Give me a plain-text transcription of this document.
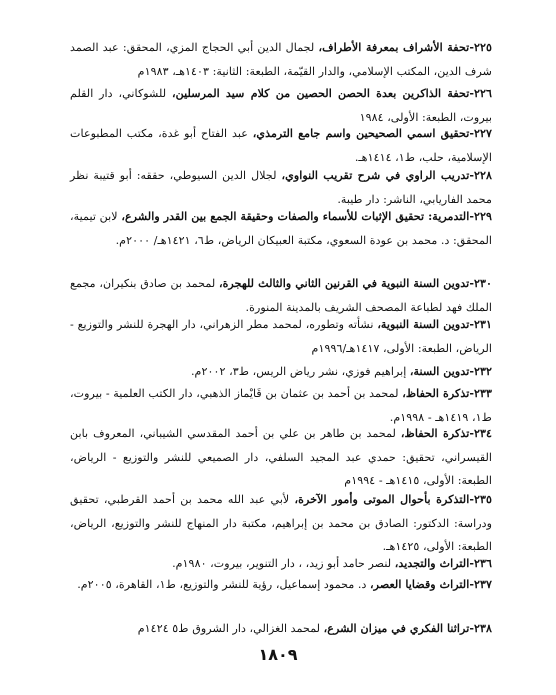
٢٢٥-تحفة الأشراف بمعرفة الأطراف، لجمال الدين أبي الحجاج المزي، المحقق: عبد الصمد شرف الدين، المكتب الإسلامي، والدار القيّمة، الطبعة: الثانية: ١٤٠٣هـ، ١٩٨٣م
٢٢٦-تحفة الذاكرين بعدة الحصن الحصين من كلام سيد المرسلين، للشوكاني، دار القلم بيروت، الطبعة: الأولى، ١٩٨٤
٢٢٧-تحقيق اسمي الصحيحين واسم جامع الترمذي، عبد الفتاح أبو غدة، مكتب المطبوعات الإسلامية، حلب، ط١، ١٤١٤هـ.
٢٢٨-تدريب الراوي في شرح تقريب النواوي، لجلال الدين السيوطي، حققه: أبو قتيبة نظر محمد الفاريابي، الناشر: دار طيبة.
٢٢٩-التدمرية: تحقيق الإثبات للأسماء والصفات وحقيقة الجمع بين القدر والشرع، لابن تيمية، المحقق: د. محمد بن عودة السعوي، مكتبة العبيكان الرياض، ط٦، ١٤٢١هـ/ ٢٠٠٠م.
٢٣٠-تدوين السنة النبوية في القرنين الثاني والثالث للهجرة، لمحمد بن صادق بنكيران، مجمع الملك فهد لطباعة المصحف الشريف بالمدينة المنورة.
٢٣١-تدوين السنة النبوية، نشأته وتطوره، لمحمد مطر الزهراني، دار الهجرة للنشر والتوزيع - الرياض، الطبعة: الأولى، ١٤١٧هـ/١٩٩٦م
٢٣٢-تدوين السنة، إبراهيم فوزي، نشر رياض الريس، ط٣، ٢٠٠٢م.
٢٣٣-تذكرة الحفاظ، لمحمد بن أحمد بن عثمان بن قَايْماز الذهبي، دار الكتب العلمية - بيروت، ط١، ١٤١٩هـ - ١٩٩٨م.
٢٣٤-تذكرة الحفاظ، لمحمد بن طاهر بن علي بن أحمد المقدسي الشيباني، المعروف بابن القيسراني، تحقيق: حمدي عبد المجيد السلفي، دار الصميعي للنشر والتوزيع - الرياض، الطبعة: الأولى، ١٤١٥هـ - ١٩٩٤م
٢٣٥-التذكرة بأحوال الموتى وأمور الآخرة، لأبي عبد الله محمد بن أحمد القرطبي، تحقيق ودراسة: الدكتور: الصادق بن محمد بن إبراهيم، مكتبة دار المنهاج للنشر والتوزيع، الرياض، الطبعة: الأولى، ١٤٢٥هـ.
٢٣٦-التراث والتجديد، لنصر حامد أبو زيد، ، دار التنوير، بيروت، ١٩٨٠م.
٢٣٧-التراث وقضايا العصر، د. محمود إسماعيل، رؤية للنشر والتوزيع، ط١، القاهرة، ٢٠٠٥م.
٢٣٨-تراثنا الفكري في ميزان الشرع، لمحمد الغزالي، دار الشروق ط٥ ١٤٢٤م
١٨٠٩
